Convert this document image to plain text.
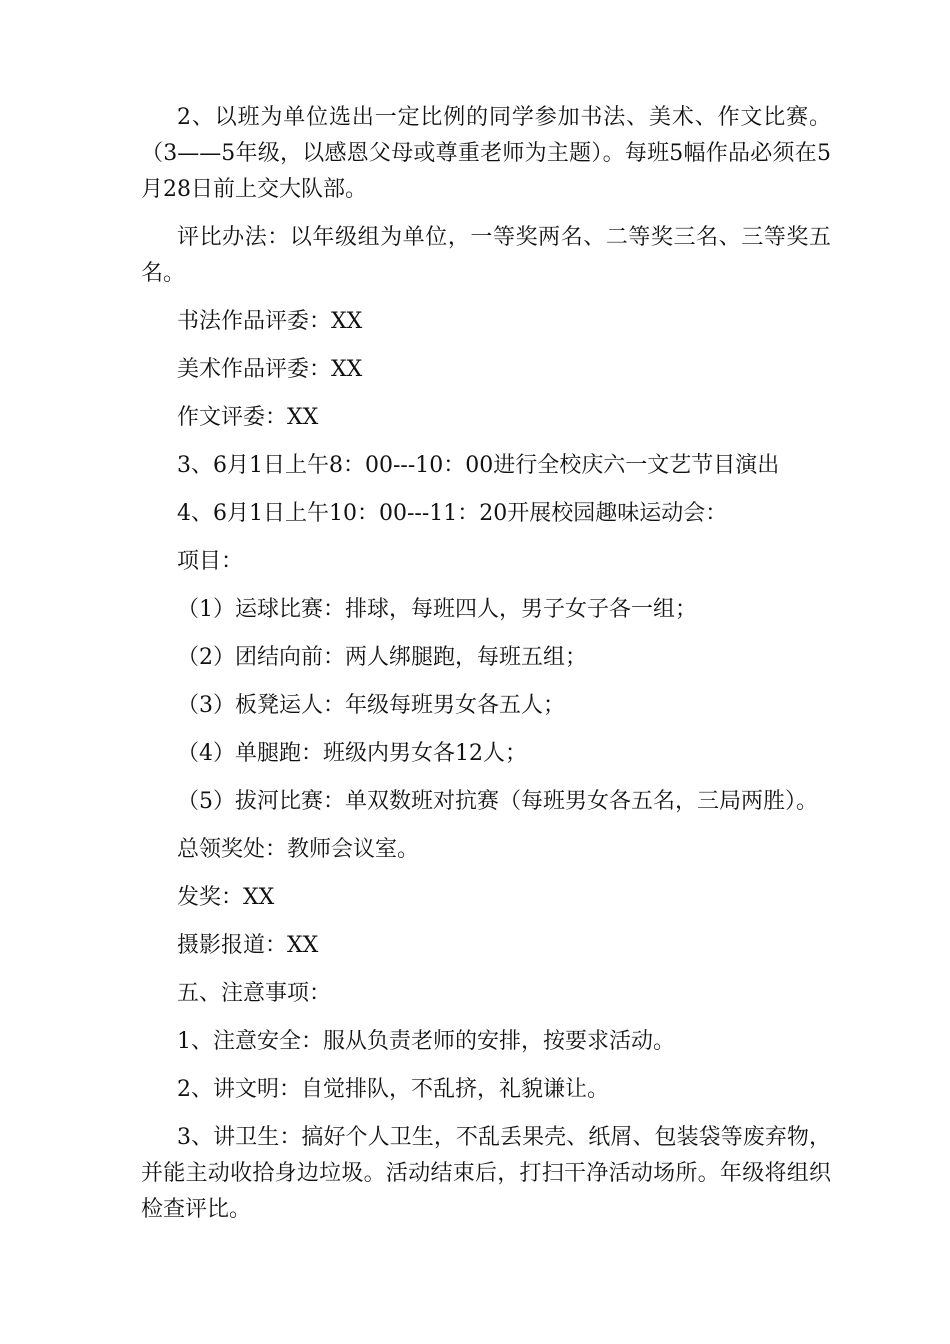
2、以班为单位选出一定比例的同学参加书法、美术、作文比赛。（3——5年级，以感恩父母或尊重老师为主题）。每班5幅作品必须在5月28日前上交大队部。

评比办法：以年级组为单位，一等奖两名、二等奖三名、三等奖五名。

书法作品评委：XX

美术作品评委：XX

作文评委：XX

3、6月1日上午8：00---10：00进行全校庆六一文艺节目演出

4、6月1日上午10：00---11：20开展校园趣味运动会：

项目：

（1）运球比赛：排球，每班四人，男子女子各一组；

（2）团结向前：两人绑腿跑，每班五组；

（3）板凳运人：年级每班男女各五人；

（4）单腿跑：班级内男女各12人；

（5）拔河比赛：单双数班对抗赛（每班男女各五名，三局两胜）。

总领奖处：教师会议室。

发奖：XX

摄影报道：XX

五、注意事项：

1、注意安全：服从负责老师的安排，按要求活动。

2、讲文明：自觉排队，不乱挤，礼貌谦让。

3、讲卫生：搞好个人卫生，不乱丢果壳、纸屑、包装袋等废弃物，并能主动收拾身边垃圾。活动结束后，打扫干净活动场所。年级将组织检查评比。
